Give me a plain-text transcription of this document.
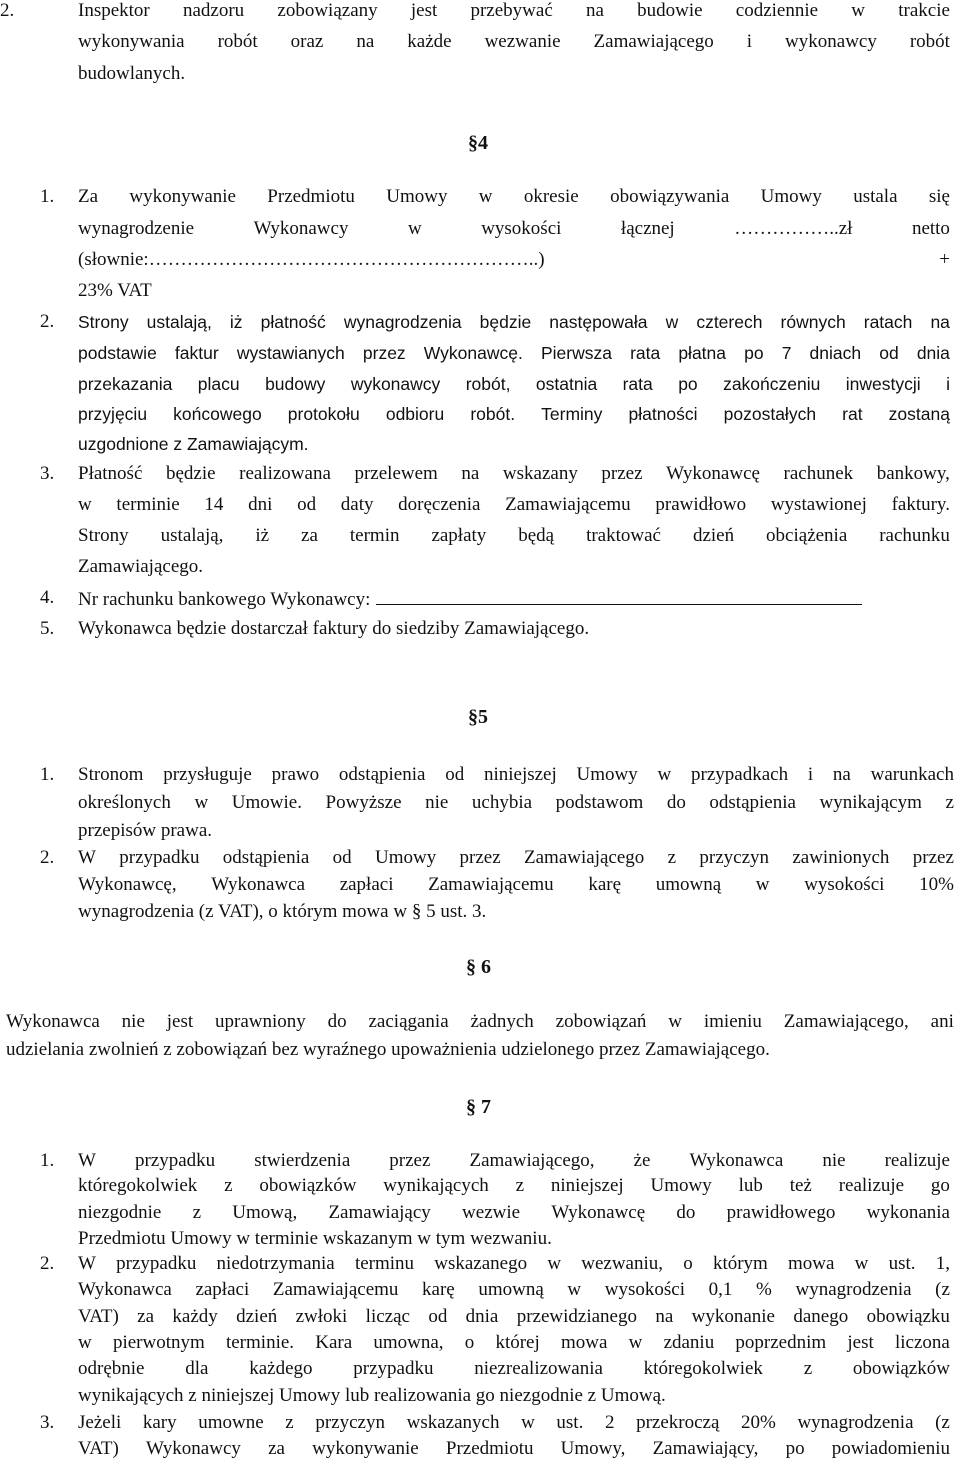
2.	Inspektor nadzoru zobowiązany jest przebywać na budowie codziennie w trakcie
wykonywania robót oraz na każde wezwanie Zamawiającego i wykonawcy robót
budowlanych.
1. Za wykonywanie Przedmiotu Umowy w okresie obowiązywania Umowy ustala się
wynagrodzenie	Wykonawcy	w	wysokości	łącznej	……………..zł	netto
(słownie:……………………………………………………..)	+
23% VAT
2. Strony ustalają, iż płatność wynagrodzenia będzie następowała w czterech równych ratach na
podstawie faktur wystawianych przez Wykonawcę. Pierwsza rata płatna po 7 dniach od dnia
przekazania placu budowy wykonawcy robót, ostatnia rata po zakończeniu inwestycji i
przyjęciu końcowego protokołu odbioru robót. Terminy płatności pozostałych rat zostaną
uzgodnione z Zamawiającym.
3. Płatność będzie realizowana przelewem na wskazany przez Wykonawcę rachunek bankowy,
w terminie 14 dni od daty doręczenia Zamawiającemu prawidłowo wystawionej faktury.
Strony ustalają, iż za termin zapłaty będą traktować dzień obciążenia rachunku
Zamawiającego.
4. Nr rachunku bankowego Wykonawcy:
5. Wykonawca będzie dostarczał faktury do siedziby Zamawiającego.
1. Stronom przysługuje prawo odstąpienia od niniejszej Umowy w przypadkach i na warunkach
określonych w Umowie. Powyższe nie uchybia podstawom do odstąpienia wynikającym z
przepisów prawa.
2. W przypadku odstąpienia od Umowy przez Zamawiającego z przyczyn zawinionych przez
Wykonawcę, Wykonawca zapłaci Zamawiającemu karę umowną w wysokości 10%
wynagrodzenia (z VAT), o którym mowa w § 5 ust. 3.
Wykonawca nie jest uprawniony do zaciągania żadnych zobowiązań w imieniu Zamawiającego, ani
udzielania zwolnień z zobowiązań bez wyraźnego upoważnienia udzielonego przez Zamawiającego.
1. W przypadku stwierdzenia przez Zamawiającego, że Wykonawca nie realizuje
któregokolwiek z obowiązków wynikających z niniejszej Umowy lub też realizuje go
niezgodnie z Umową, Zamawiający wezwie Wykonawcę do prawidłowego wykonania
Przedmiotu Umowy w terminie wskazanym w tym wezwaniu.
2. W przypadku niedotrzymania terminu wskazanego w wezwaniu, o którym mowa w ust. 1,
Wykonawca zapłaci Zamawiającemu karę umowną w wysokości 0,1 % wynagrodzenia (z
VAT) za każdy dzień zwłoki licząc od dnia przewidzianego na wykonanie danego obowiązku
w pierwotnym terminie. Kara umowna, o której mowa w zdaniu poprzednim jest liczona
odrębnie dla każdego przypadku niezrealizowania któregokolwiek z obowiązków
wynikających z niniejszej Umowy lub realizowania go niezgodnie z Umową.
3. Jeżeli kary umowne z przyczyn wskazanych w ust. 2 przekroczą 20% wynagrodzenia (z
VAT) Wykonawcy za wykonywanie Przedmiotu Umowy, Zamawiający, po powiadomieniu
§4
§5
§ 6
§ 7
